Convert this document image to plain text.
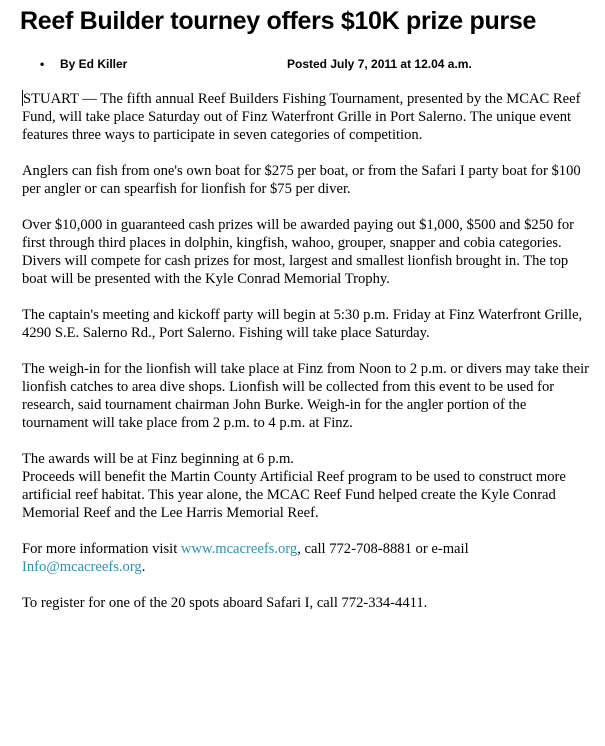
Reef Builder tourney offers $10K prize purse
• By Ed Killer	Posted July 7, 2011 at 12.04 a.m.

STUART — The fifth annual Reef Builders Fishing Tournament, presented by the MCAC Reef Fund, will take place Saturday out of Finz Waterfront Grille in Port Salerno. The unique event features three ways to participate in seven categories of competition.

Anglers can fish from one's own boat for $275 per boat, or from the Safari I party boat for $100 per angler or can spearfish for lionfish for $75 per diver.

Over $10,000 in guaranteed cash prizes will be awarded paying out $1,000, $500 and $250 for first through third places in dolphin, kingfish, wahoo, grouper, snapper and cobia categories.

Divers will compete for cash prizes for most, largest and smallest lionfish brought in. The top boat will be presented with the Kyle Conrad Memorial Trophy.

The captain's meeting and kickoff party will begin at 5:30 p.m. Friday at Finz Waterfront Grille, 4290 S.E. Salerno Rd., Port Salerno. Fishing will take place Saturday.

The weigh-in for the lionfish will take place at Finz from Noon to 2 p.m. or divers may take their lionfish catches to area dive shops. Lionfish will be collected from this event to be used for research, said tournament chairman John Burke. Weigh-in for the angler portion of the tournament will take place from 2 p.m. to 4 p.m. at Finz.

The awards will be at Finz beginning at 6 p.m.

Proceeds will benefit the Martin County Artificial Reef program to be used to construct more artificial reef habitat. This year alone, the MCAC Reef Fund helped create the Kyle Conrad Memorial Reef and the Lee Harris Memorial Reef.

For more information visit www.mcacreefs.org, call 772-708-8881 or e-mail Info@mcacreefs.org.

To register for one of the 20 spots aboard Safari I, call 772-334-4411.
